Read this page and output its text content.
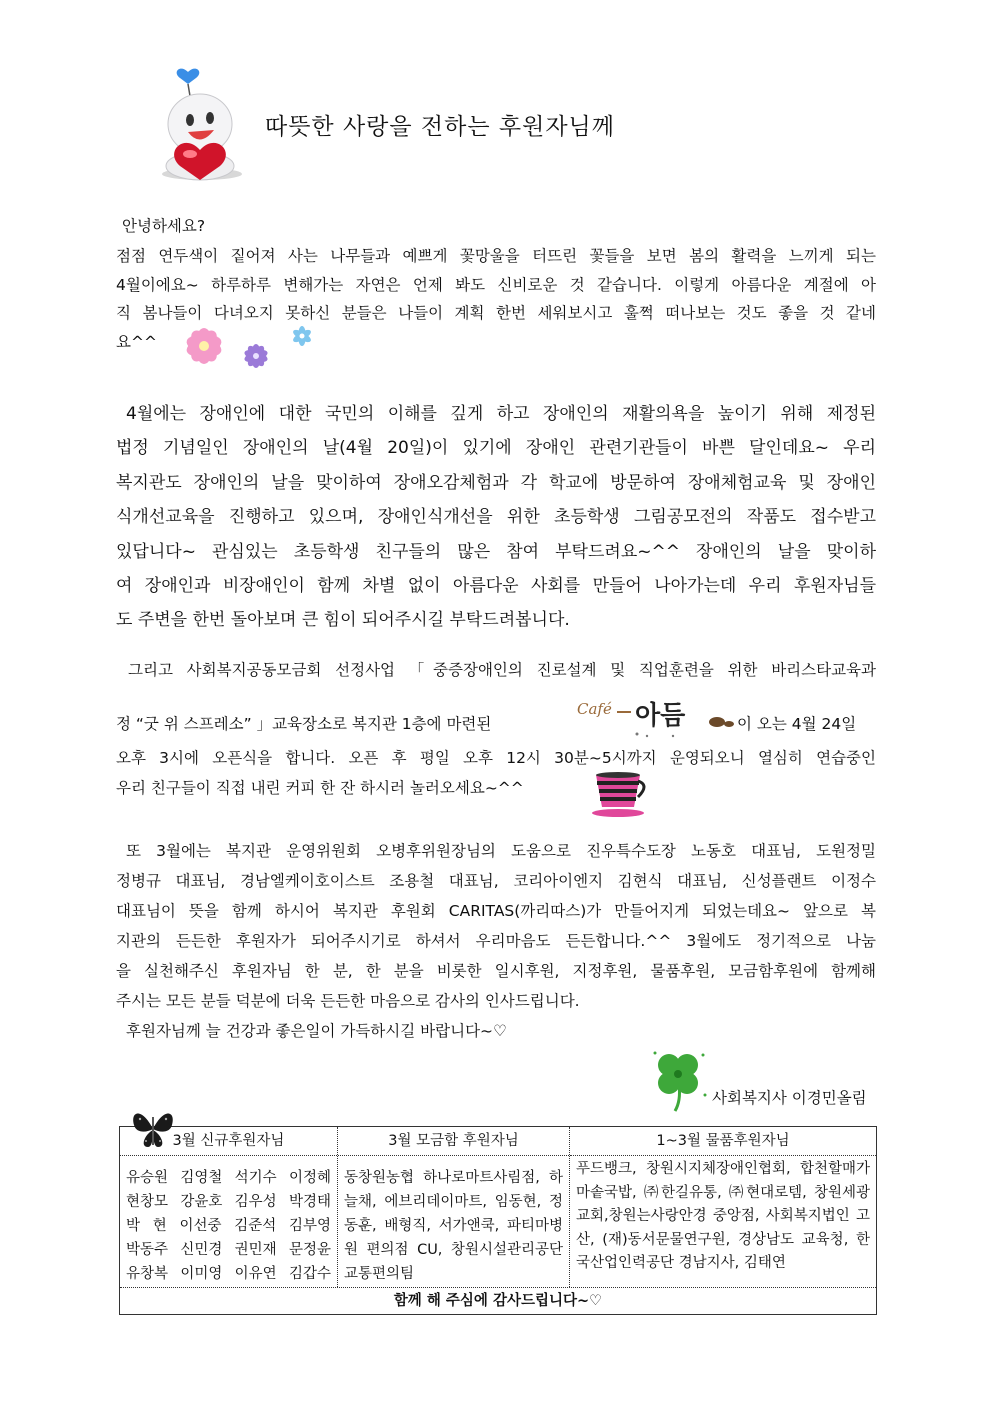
따뜻한 사랑을 전하는 후원자님께
안녕하세요?
점점 연두색이 짙어져 사는 나무들과 예쁘게 꽃망울을 터뜨린 꽃들을 보면 봄의 활력을 느끼게 되는
4월이에요~ 하루하루 변해가는 자연은 언제 봐도 신비로운 것 같습니다. 이렇게 아름다운 계절에 아
직 봄나들이 다녀오지 못하신 분들은 나들이 계획 한번 세워보시고 훌쩍 떠나보는 것도 좋을 것 같네
요^^
4월에는 장애인에 대한 국민의 이해를 깊게 하고 장애인의 재활의욕을 높이기 위해 제정된
법정 기념일인 장애인의 날(4월 20일)이 있기에 장애인 관련기관들이 바쁜 달인데요~ 우리
복지관도 장애인의 날을 맞이하여 장애오감체험과 각 학교에 방문하여 장애체험교육 및 장애인
식개선교육을 진행하고 있으며, 장애인식개선을 위한 초등학생 그림공모전의 작품도 접수받고
있답니다~ 관심있는 초등학생 친구들의 많은 참여 부탁드려요~^^ 장애인의 날을 맞이하
여 장애인과 비장애인이 함께 차별 없이 아름다운 사회를 만들어 나아가는데 우리 후원자님들
도 주변을 한번 돌아보며 큰 힘이 되어주시길 부탁드려봅니다.
그리고 사회복지공동모금회 선정사업 「중증장애인의 진로설계 및 직업훈련을 위한 바리스타교육과
정 “굿 위 스프레소” 」교육장소로 복지관 1층에 마련된
Café 아듬	이 오는 4월 24일
오후 3시에 오픈식을 합니다. 오픈 후 평일 오후 12시 30분~5시까지 운영되오니 열심히 연습중인
우리 친구들이 직접 내린 커피 한 잔 하시러 놀러오세요~^^
또 3월에는 복지관 운영위원회 오병후위원장님의 도움으로 진우특수도장 노동호 대표님, 도원정밀
정병규 대표님, 경남엘케이호이스트 조용철 대표님, 코리아이엔지 김현식 대표님, 신성플랜트 이정수
대표님이 뜻을 함께 하시어 복지관 후원회 CARITAS(까리따스)가 만들어지게 되었는데요~ 앞으로 복
지관의 든든한 후원자가 되어주시기로 하셔서 우리마음도 든든합니다.^^ 3월에도 정기적으로 나눔
을 실천해주신 후원자님 한 분, 한 분을 비롯한 일시후원, 지정후원, 물품후원, 모금함후원에 함께해
주시는 모든 분들 덕분에 더욱 든든한 마음으로 감사의 인사드립니다.
후원자님께 늘 건강과 좋은일이 가득하시길 바랍니다~♡
사회복지사 이경민올림
3월 신규후원자님
유승원 김영철 석기수 이정혜
현창모 강윤호 김우성 박경태
박 현 이선중 김준석 김부영
박동주 신민경 권민재 문정윤
유창복 이미영 이유연 김갑수
3월 모금함 후원자님
동창원농협 하나로마트사림점, 하늘채, 에브리데이마트, 임동현, 정동훈, 배형직, 서가앤쿡, 파티마병원 편의점 CU, 창원시설관리공단 교통편의팀
1~3월 물품후원자님
푸드뱅크, 창원시지체장애인협회, 합천할매가마솥국밥, ㈜한길유통, ㈜현대로템, 창원세광교회,창원는사랑안경 중앙점, 사회복지법인 고산, (재)동서문물연구원, 경상남도 교육청, 한국산업인력공단 경남지사, 김태연
함께 해 주심에 감사드립니다~♡
